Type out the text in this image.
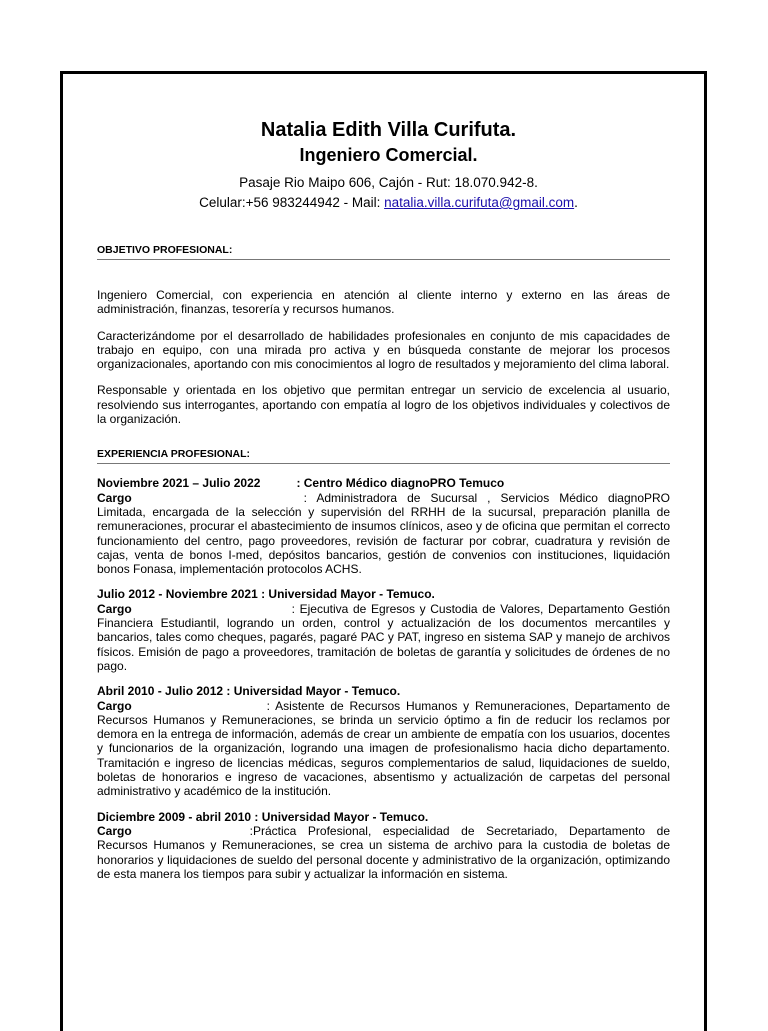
Natalia Edith Villa Curifuta.

Ingeniero Comercial.

Pasaje Rio Maipo 606, Cajón - Rut: 18.070.942-8.

Celular:+56 983244942 - Mail: natalia.villa.curifuta@gmail.com.

OBJETIVO PROFESIONAL:

Ingeniero Comercial, con experiencia en atención al cliente interno y externo en las áreas de administración, finanzas, tesorería y recursos humanos.

Caracterizándome por el desarrollado de habilidades profesionales en conjunto de mis capacidades de trabajo en equipo, con una mirada pro activa y en búsqueda constante de mejorar los procesos organizacionales, aportando con mis conocimientos al logro de resultados y mejoramiento del clima laboral.

Responsable y orientada en los objetivo que permitan entregar un servicio de excelencia al usuario, resolviendo sus interrogantes, aportando con empatía al logro de los objetivos individuales y colectivos de la organización.

EXPERIENCIA PROFESIONAL:

Noviembre 2021 – Julio 2022	: Centro Médico diagnoPRO Temuco

Cargo	: Administradora de Sucursal , Servicios Médico diagnoPRO Limitada, encargada de la selección y supervisión del RRHH de la sucursal, preparación planilla de remuneraciones, procurar el abastecimiento de insumos clínicos, aseo y de oficina que permitan el correcto funcionamiento del centro, pago proveedores, revisión de facturar por cobrar, cuadratura y revisión de cajas, venta de bonos I-med, depósitos bancarios, gestión de convenios con instituciones, liquidación bonos Fonasa, implementación protocolos ACHS.

Julio 2012 - Noviembre 2021 : Universidad Mayor - Temuco.

Cargo	: Ejecutiva de Egresos y Custodia de Valores, Departamento Gestión Financiera Estudiantil, logrando un orden, control y actualización de los documentos mercantiles y bancarios, tales como cheques, pagarés, pagaré PAC y PAT, ingreso en sistema SAP y manejo de archivos físicos. Emisión de pago a proveedores, tramitación de boletas de garantía y solicitudes de órdenes de no pago.

Abril 2010 - Julio 2012 : Universidad Mayor - Temuco.

Cargo	: Asistente de Recursos Humanos y Remuneraciones, Departamento de Recursos Humanos y Remuneraciones, se brinda un servicio óptimo a fin de reducir los reclamos por demora en la entrega de información, además de crear un ambiente de empatía con los usuarios, docentes y funcionarios de la organización, logrando una imagen de profesionalismo hacia dicho departamento. Tramitación e ingreso de licencias médicas, seguros complementarios de salud, liquidaciones de sueldo, boletas de honorarios e ingreso de vacaciones, absentismo y actualización de carpetas del personal administrativo y académico de la institución.

Diciembre 2009 - abril 2010 : Universidad Mayor - Temuco.

Cargo	:Práctica Profesional, especialidad de Secretariado, Departamento de Recursos Humanos y Remuneraciones, se crea un sistema de archivo para la custodia de boletas de honorarios y liquidaciones de sueldo del personal docente y administrativo de la organización, optimizando de esta manera los tiempos para subir y actualizar la información en sistema.
